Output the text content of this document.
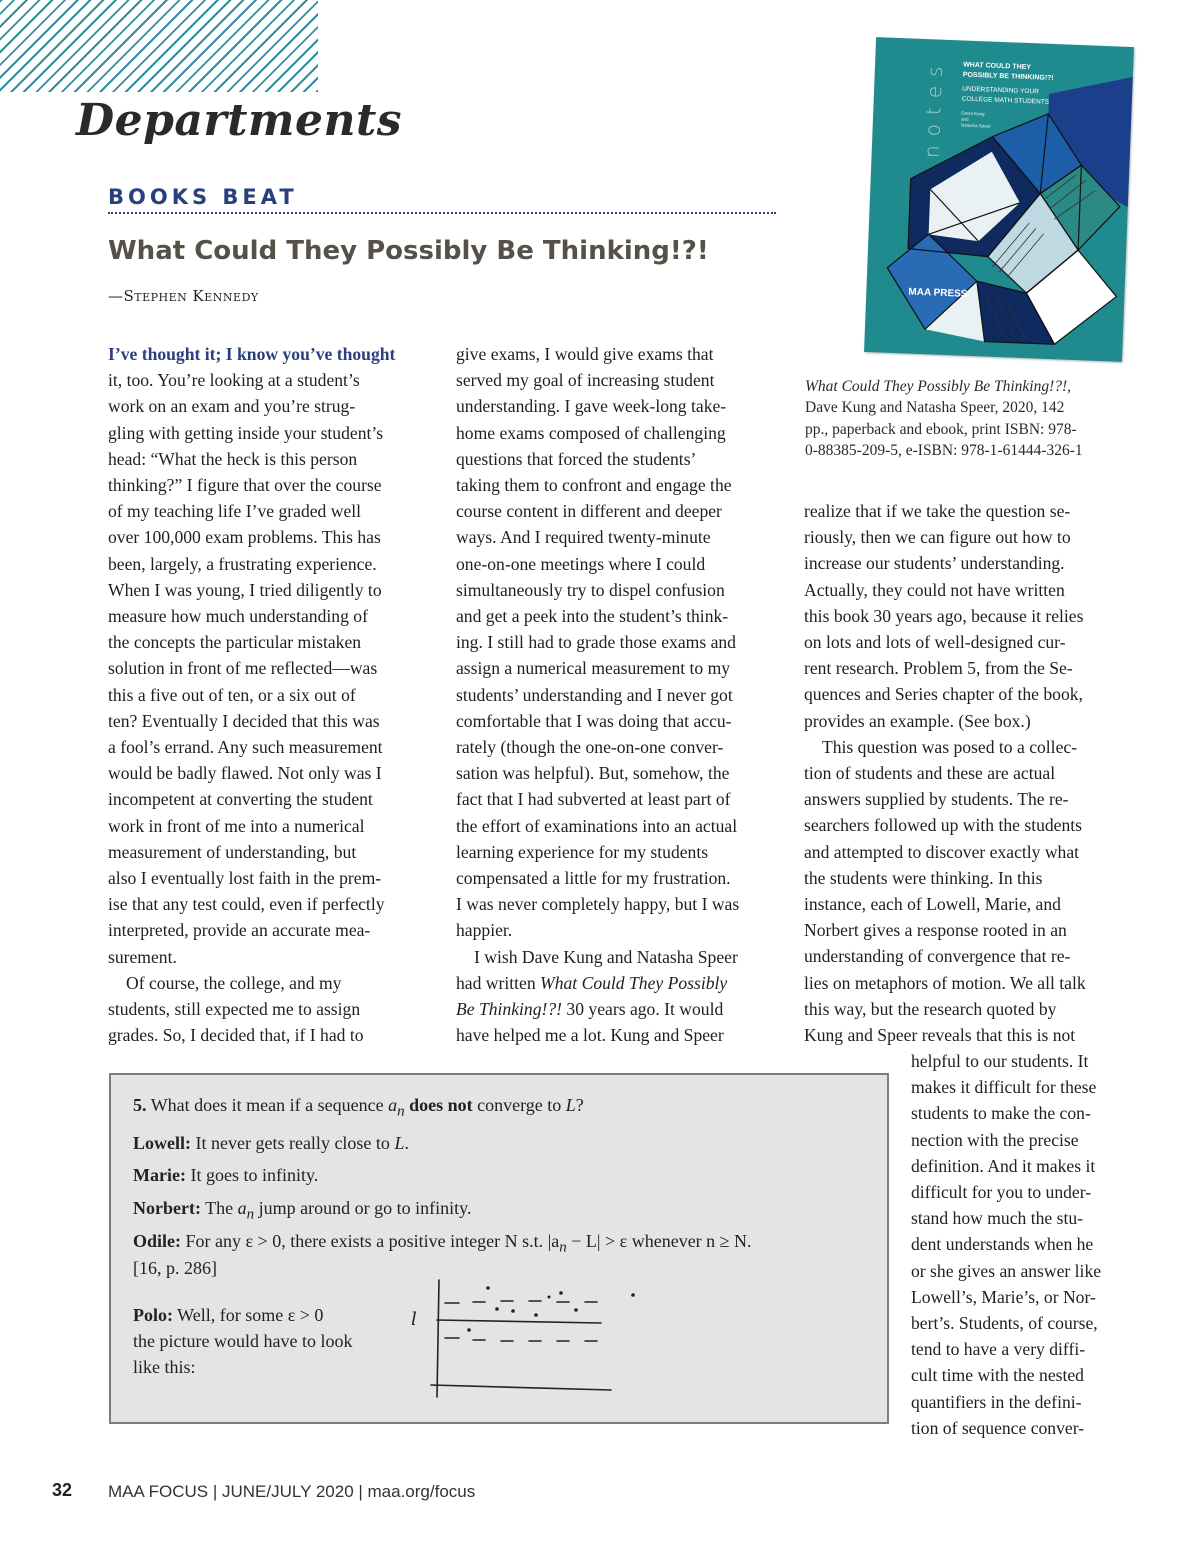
Departments
BOOKS BEAT
What Could They Possibly Be Thinking!?!
—Stephen Kennedy
I’ve thought it; I know you’ve thought
it, too. You’re looking at a student’s
work on an exam and you’re strug-
gling with getting inside your student’s
head: “What the heck is this person
thinking?” I figure that over the course
of my teaching life I’ve graded well
over 100,000 exam problems. This has
been, largely, a frustrating experience.
When I was young, I tried diligently to
measure how much understanding of
the concepts the particular mistaken
solution in front of me reflected—was
this a five out of ten, or a six out of
ten? Eventually I decided that this was
a fool’s errand. Any such measurement
would be badly flawed. Not only was I
incompetent at converting the student
work in front of me into a numerical
measurement of understanding, but
also I eventually lost faith in the prem-
ise that any test could, even if perfectly
interpreted, provide an accurate mea-
surement.
Of course, the college, and my
students, still expected me to assign
grades. So, I decided that, if I had to
give exams, I would give exams that
served my goal of increasing student
understanding. I gave week-long take-
home exams composed of challenging
questions that forced the students’
taking them to confront and engage the
course content in different and deeper
ways. And I required twenty-minute
one-on-one meetings where I could
simultaneously try to dispel confusion
and get a peek into the student’s think-
ing. I still had to grade those exams and
assign a numerical measurement to my
students’ understanding and I never got
comfortable that I was doing that accu-
rately (though the one-on-one conver-
sation was helpful). But, somehow, the
fact that I had subverted at least part of
the effort of examinations into an actual
learning experience for my students
compensated a little for my frustration.
I was never completely happy, but I was
happier.
I wish Dave Kung and Natasha Speer
had written What Could They Possibly
Be Thinking!?! 30 years ago. It would
have helped me a lot. Kung and Speer
notes WHAT COULD THEY
POSSIBLY BE THINKING!?!
UNDERSTANDING YOUR
COLLEGE MATH STUDENTS
David Kung
and
Natasha Speer
MAA PRESS
What Could They Possibly Be Thinking!?!,
Dave Kung and Natasha Speer, 2020, 142
pp., paperback and ebook, print ISBN: 978-
0-88385-209-5, e-ISBN: 978-1-61444-326-1
realize that if we take the question se-
riously, then we can figure out how to
increase our students’ understanding.
Actually, they could not have written
this book 30 years ago, because it relies
on lots and lots of well-designed cur-
rent research. Problem 5, from the Se-
quences and Series chapter of the book,
provides an example. (See box.)
This question was posed to a collec-
tion of students and these are actual
answers supplied by students. The re-
searchers followed up with the students
and attempted to discover exactly what
the students were thinking. In this
instance, each of Lowell, Marie, and
Norbert gives a response rooted in an
understanding of convergence that re-
lies on metaphors of motion. We all talk
this way, but the research quoted by
Kung and Speer reveals that this is not
helpful to our students. It
makes it difficult for these
students to make the con-
nection with the precise
definition. And it makes it
difficult for you to under-
stand how much the stu-
dent understands when he
or she gives an answer like
Lowell’s, Marie’s, or Nor-
bert’s. Students, of course,
tend to have a very diffi-
cult time with the nested
quantifiers in the defini-
tion of sequence conver-
5. What does it mean if a sequence $a_n$ does not converge to L?
Lowell: It never gets really close to L.
Marie: It goes to infinity.
Norbert: The $a_n$ jump around or go to infinity.
Odile: For any ε > 0, there exists a positive integer N s.t. $|a_n - L| > \varepsilon$ whenever n ≥ N.
[16, p. 286]
Polo: Well, for some ε > 0
the picture would have to look
like this:
l
32 MAA FOCUS | JUNE/JULY 2020 | maa.org/focus
